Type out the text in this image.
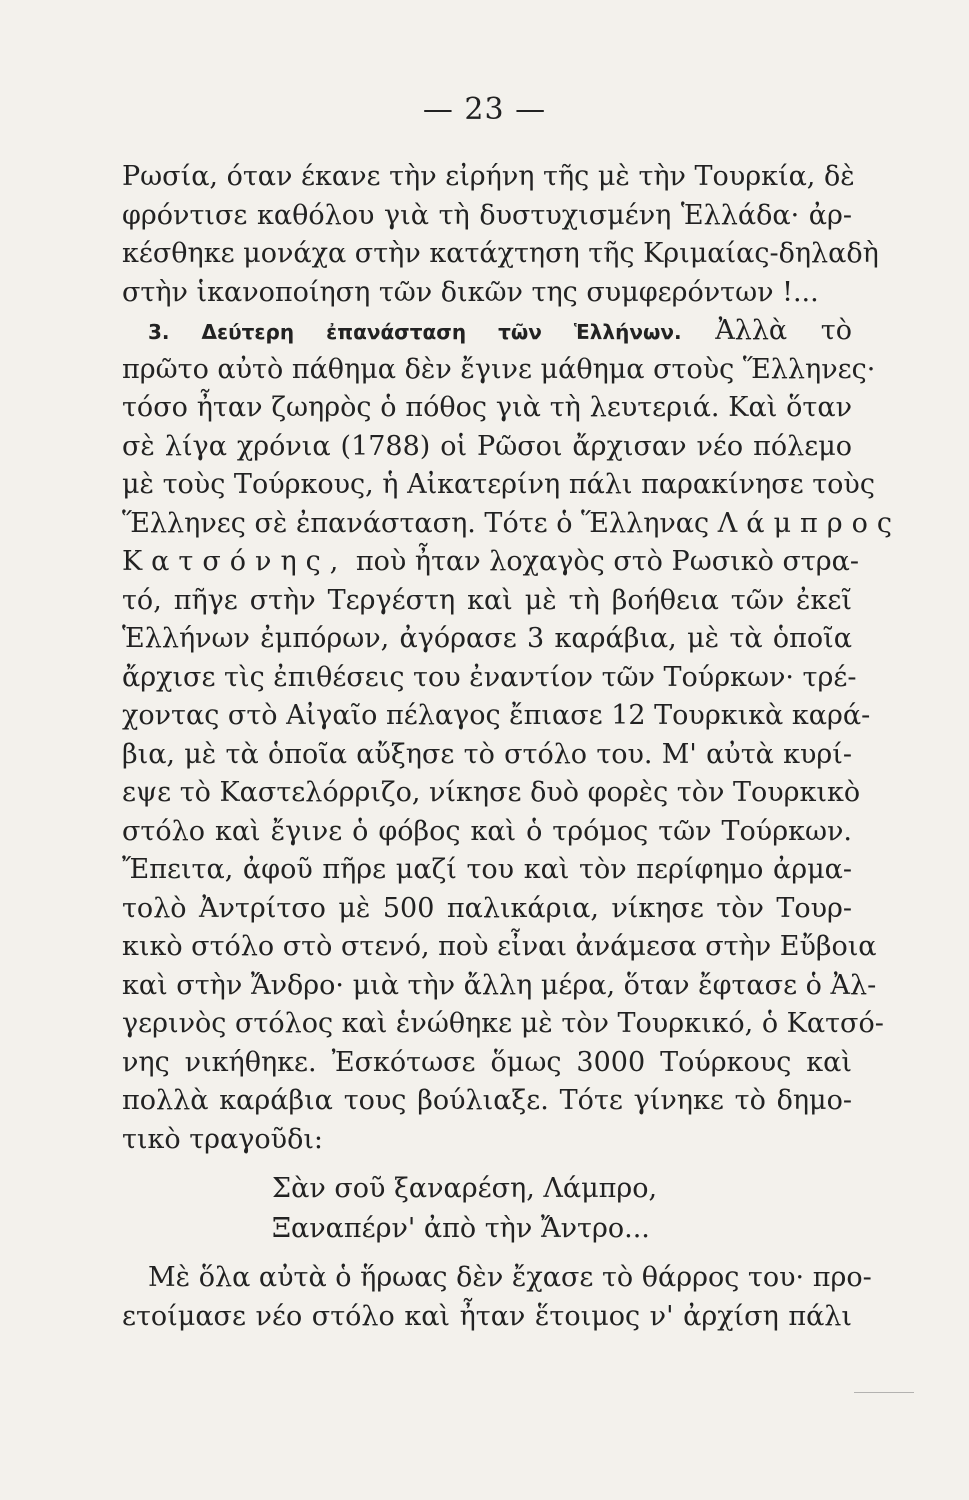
— 23 —
Ρωσία, όταν έκανε τὴν εἰρήνη τῆς μὲ τὴν Τουρκία, δὲ
φρόντισε καθόλου γιὰ τὴ δυστυχισμένη Ἑλλάδα· ἀρ-
κέσθηκε μονάχα στὴν κατάχτηση τῆς Κριμαίας-δηλαδὴ
στὴν ἱκανοποίηση τῶν δικῶν της συμφερόντων !...
3. Δεύτερη ἐπανάσταση τῶν Ἑλλήνων. Ἀλλὰ τὸ
πρῶτο αὐτὸ πάθημα δὲν ἔγινε μάθημα στοὺς Ἕλληνες·
τόσο ἦταν ζωηρὸς ὁ πόθος γιὰ τὴ λευτεριά. Καὶ ὅταν
σὲ λίγα χρόνια (1788) οἱ Ρῶσοι ἄρχισαν νέο πόλεμο
μὲ τοὺς Τούρκους, ἡ Αἰκατερίνη πάλι παρακίνησε τοὺς
Ἕλληνες σὲ ἐπανάσταση. Τότε ὁ Ἕλληνας Λάμπρος
Κατσόνης, ποὺ ἦταν λοχαγὸς στὸ Ρωσικὸ στρα-
τό, πῆγε στὴν Τεργέστη καὶ μὲ τὴ βοήθεια τῶν ἐκεῖ
Ἑλλήνων ἐμπόρων, ἀγόρασε 3 καράβια, μὲ τὰ ὁποῖα
ἄρχισε τὶς ἐπιθέσεις του ἐναντίον τῶν Τούρκων· τρέ-
χοντας στὸ Αἰγαῖο πέλαγος ἔπιασε 12 Τουρκικὰ καρά-
βια, μὲ τὰ ὁποῖα αὔξησε τὸ στόλο του. Μ' αὐτὰ κυρί-
εψε τὸ Καστελόρριζο, νίκησε δυὸ φορὲς τὸν Τουρκικὸ
στόλο καὶ ἔγινε ὁ φόβος καὶ ὁ τρόμος τῶν Τούρκων.
Ἔπειτα, ἀφοῦ πῆρε μαζί του καὶ τὸν περίφημο ἀρμα-
τολὸ Ἀντρίτσο μὲ 500 παλικάρια, νίκησε τὸν Τουρ-
κικὸ στόλο στὸ στενό, ποὺ εἶναι ἀνάμεσα στὴν Εὔβοια
καὶ στὴν Ἄνδρο· μιὰ τὴν ἄλλη μέρα, ὅταν ἔφτασε ὁ Ἀλ-
γερινὸς στόλος καὶ ἑνώθηκε μὲ τὸν Τουρκικό, ὁ Κατσό-
νης νικήθηκε. Ἐσκότωσε ὅμως 3000 Τούρκους καὶ
πολλὰ καράβια τους βούλιαξε. Τότε γίνηκε τὸ δημο-
τικὸ τραγοῦδι:
Σὰν σοῦ ξαναρέση, Λάμπρο,
Ξαναπέρν' ἀπὸ τὴν Ἄντρο...
Μὲ ὅλα αὐτὰ ὁ ἥρωας δὲν ἔχασε τὸ θάρρος του· προ-
ετοίμασε νέο στόλο καὶ ἦταν ἕτοιμος ν' ἀρχίση πάλι
